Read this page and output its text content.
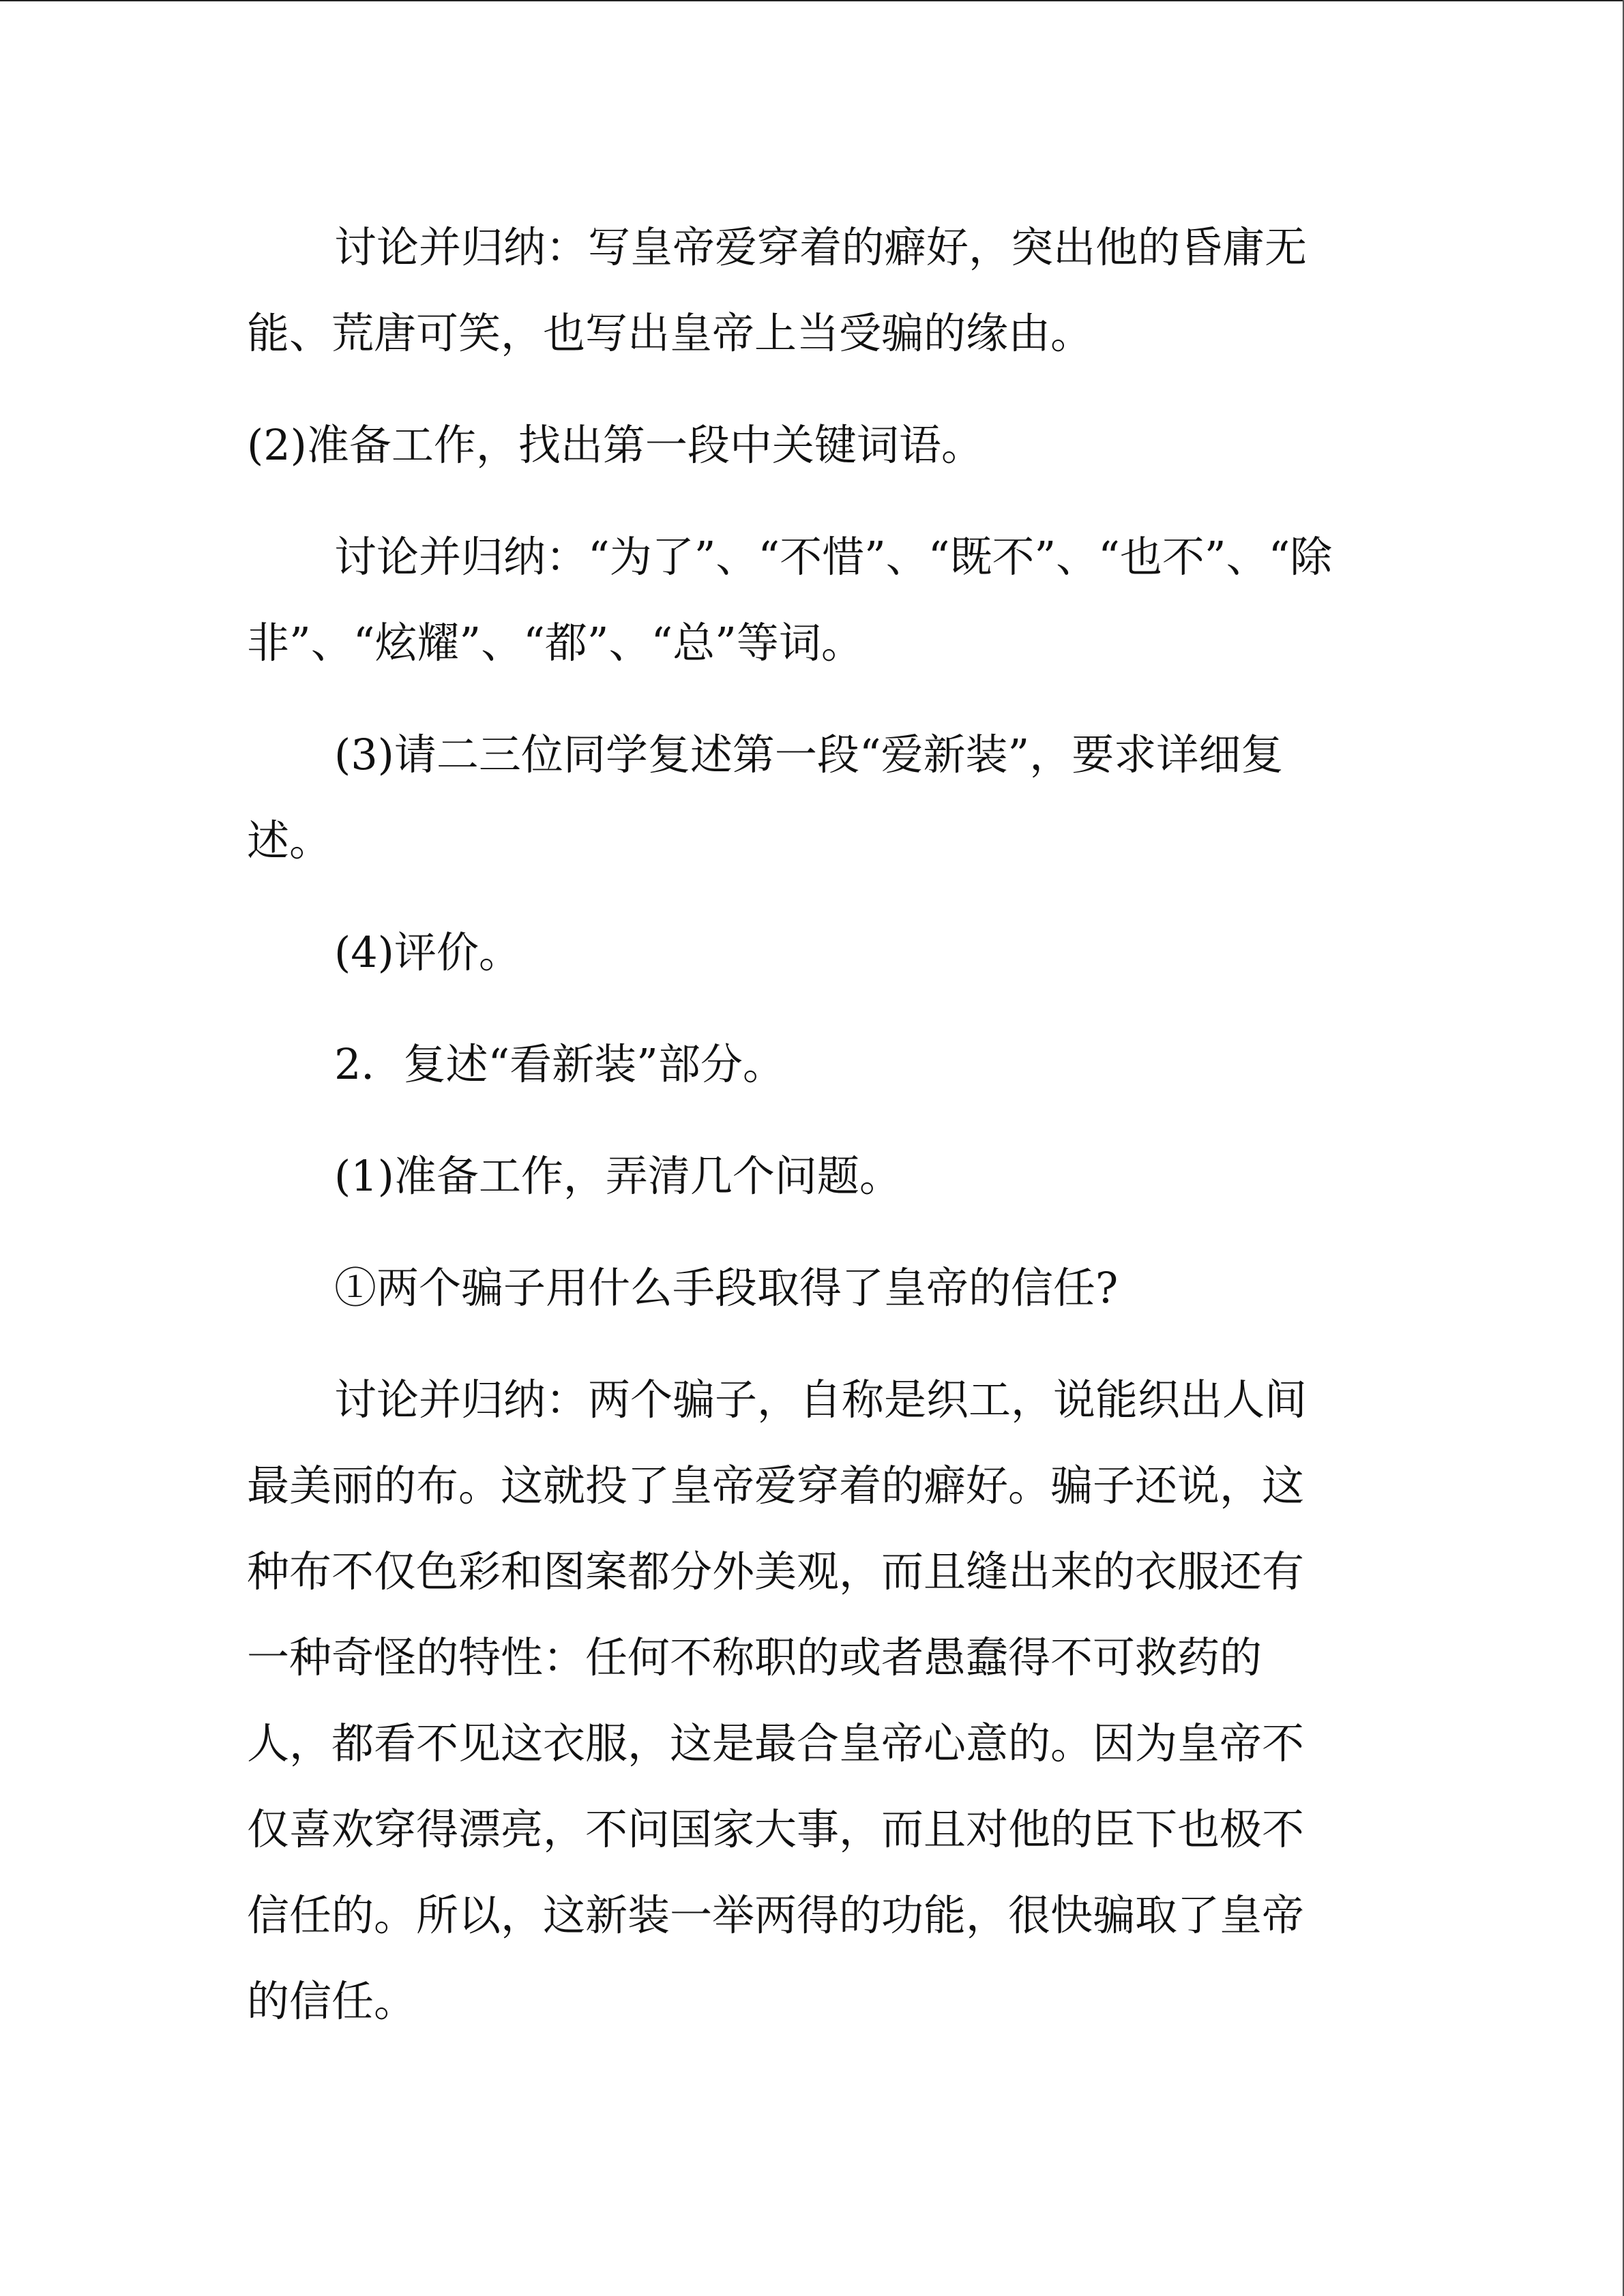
讨论并归纳：写皇帝爱穿着的癖好，突出他的昏庸无能、荒唐可笑，也写出皇帝上当受骗的缘由。

(2)准备工作，找出第一段中关键词语。

讨论并归纳：“为了”、“不惜”、“既不”、“也不”、“除非”、“炫耀”、“都”、“总”等词。

(3)请二三位同学复述第一段“爱新装”，要求详细复述。

(4)评价。

2．复述“看新装”部分。

(1)准备工作，弄清几个问题。

①两个骗子用什么手段取得了皇帝的信任?

讨论并归纳：两个骗子，自称是织工，说能织出人间最美丽的布。这就投了皇帝爱穿着的癖好。骗子还说，这种布不仅色彩和图案都分外美观，而且缝出来的衣服还有一种奇怪的特性：任何不称职的或者愚蠢得不可救药的人，都看不见这衣服，这是最合皇帝心意的。因为皇帝不仅喜欢穿得漂亮，不问国家大事，而且对他的臣下也极不信任的。所以，这新装一举两得的功能，很快骗取了皇帝的信任。
